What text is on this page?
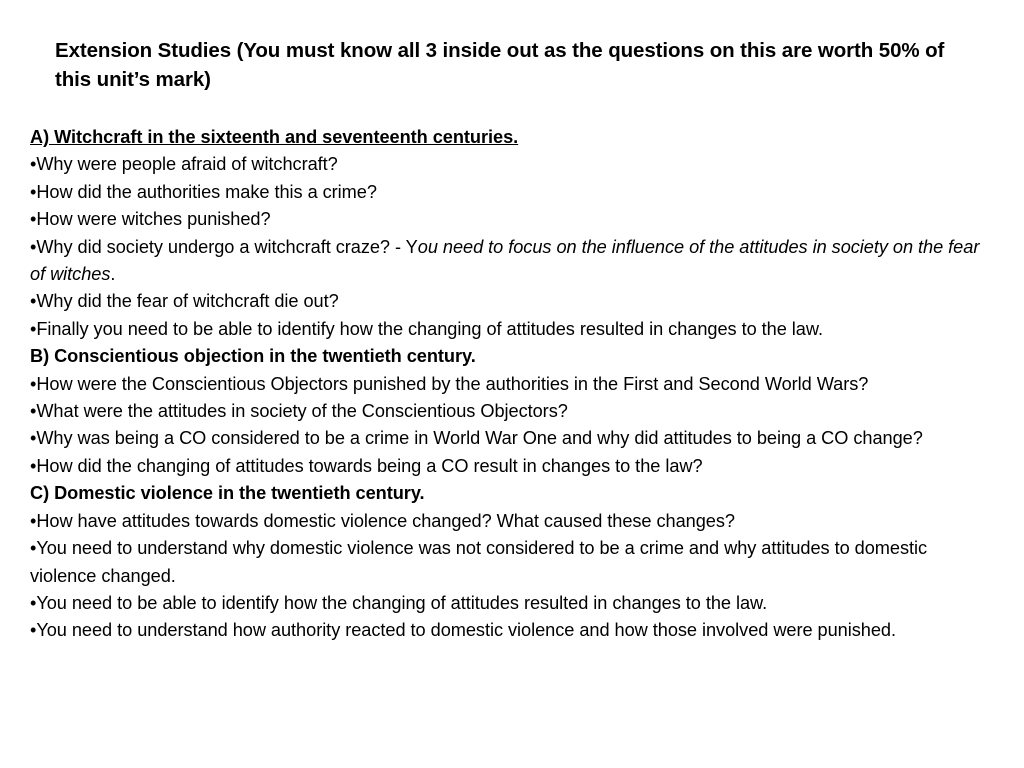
Extension Studies (You must know all 3 inside out as the questions on this are worth 50% of this unit’s mark)

A) Witchcraft in the sixteenth and seventeenth centuries.

•Why were people afraid of witchcraft?

•How did the authorities make this a crime?

•How were witches punished?

•Why did society undergo a witchcraft craze? - You need to focus on the influence of the attitudes in society on the fear of witches.

•Why did the fear of witchcraft die out?

•Finally you need to be able to identify how the changing of attitudes resulted in changes to the law.

B) Conscientious objection in the twentieth century.

•How were the Conscientious Objectors punished by the authorities in the First and Second World Wars?

•What were the attitudes in society of the Conscientious Objectors?

•Why was being a CO considered to be a crime in World War One and why did attitudes to being a CO change?

•How did the changing of attitudes towards being a CO result in changes to the law?

C) Domestic violence in the twentieth century.

•How have attitudes towards domestic violence changed? What caused these changes?

•You need to understand why domestic violence was not considered to be a crime and why attitudes to domestic violence changed.

•You need to be able to identify how the changing of attitudes resulted in changes to the law.

•You need to understand how authority reacted to domestic violence and how those involved were punished.
